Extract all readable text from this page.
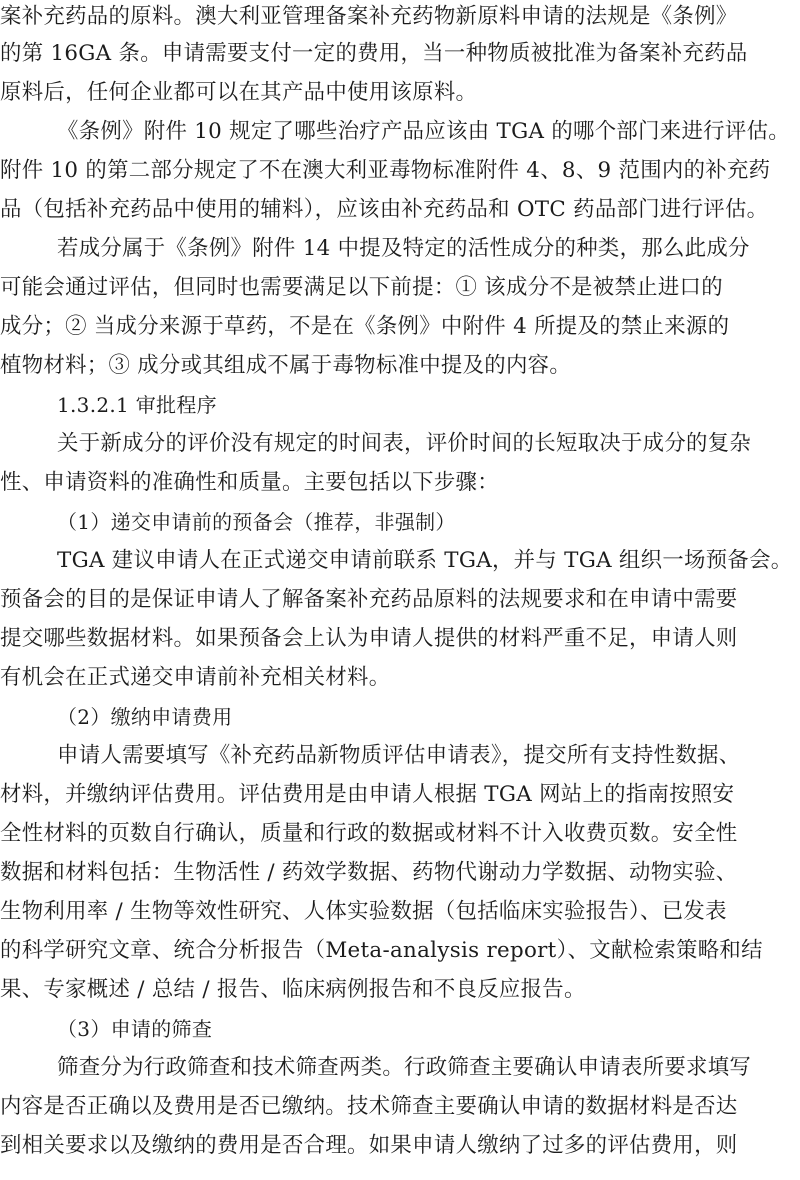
案补充药品的原料。澳大利亚管理备案补充药物新原料申请的法规是《条例》
的第 16GA 条。申请需要支付一定的费用，当一种物质被批准为备案补充药品
原料后，任何企业都可以在其产品中使用该原料。
《条例》附件 10 规定了哪些治疗产品应该由 TGA 的哪个部门来进行评估。
附件 10 的第二部分规定了不在澳大利亚毒物标准附件 4、8、9 范围内的补充药
品（包括补充药品中使用的辅料），应该由补充药品和 OTC 药品部门进行评估。
若成分属于《条例》附件 14 中提及特定的活性成分的种类，那么此成分
可能会通过评估，但同时也需要满足以下前提：① 该成分不是被禁止进口的
成分；② 当成分来源于草药，不是在《条例》中附件 4 所提及的禁止来源的
植物材料；③ 成分或其组成不属于毒物标准中提及的内容。
1.3.2.1 审批程序
关于新成分的评价没有规定的时间表，评价时间的长短取决于成分的复杂
性、申请资料的准确性和质量。主要包括以下步骤：
（1）递交申请前的预备会（推荐，非强制）
TGA 建议申请人在正式递交申请前联系 TGA，并与 TGA 组织一场预备会。
预备会的目的是保证申请人了解备案补充药品原料的法规要求和在申请中需要
提交哪些数据材料。如果预备会上认为申请人提供的材料严重不足，申请人则
有机会在正式递交申请前补充相关材料。
（2）缴纳申请费用
申请人需要填写《补充药品新物质评估申请表》，提交所有支持性数据、
材料，并缴纳评估费用。评估费用是由申请人根据 TGA 网站上的指南按照安
全性材料的页数自行确认，质量和行政的数据或材料不计入收费页数。安全性
数据和材料包括：生物活性 / 药效学数据、药物代谢动力学数据、动物实验、
生物利用率 / 生物等效性研究、人体实验数据（包括临床实验报告）、已发表
的科学研究文章、统合分析报告（Meta-analysis report）、文献检索策略和结
果、专家概述 / 总结 / 报告、临床病例报告和不良反应报告。
（3）申请的筛查
筛查分为行政筛查和技术筛查两类。行政筛查主要确认申请表所要求填写
内容是否正确以及费用是否已缴纳。技术筛查主要确认申请的数据材料是否达
到相关要求以及缴纳的费用是否合理。如果申请人缴纳了过多的评估费用，则
